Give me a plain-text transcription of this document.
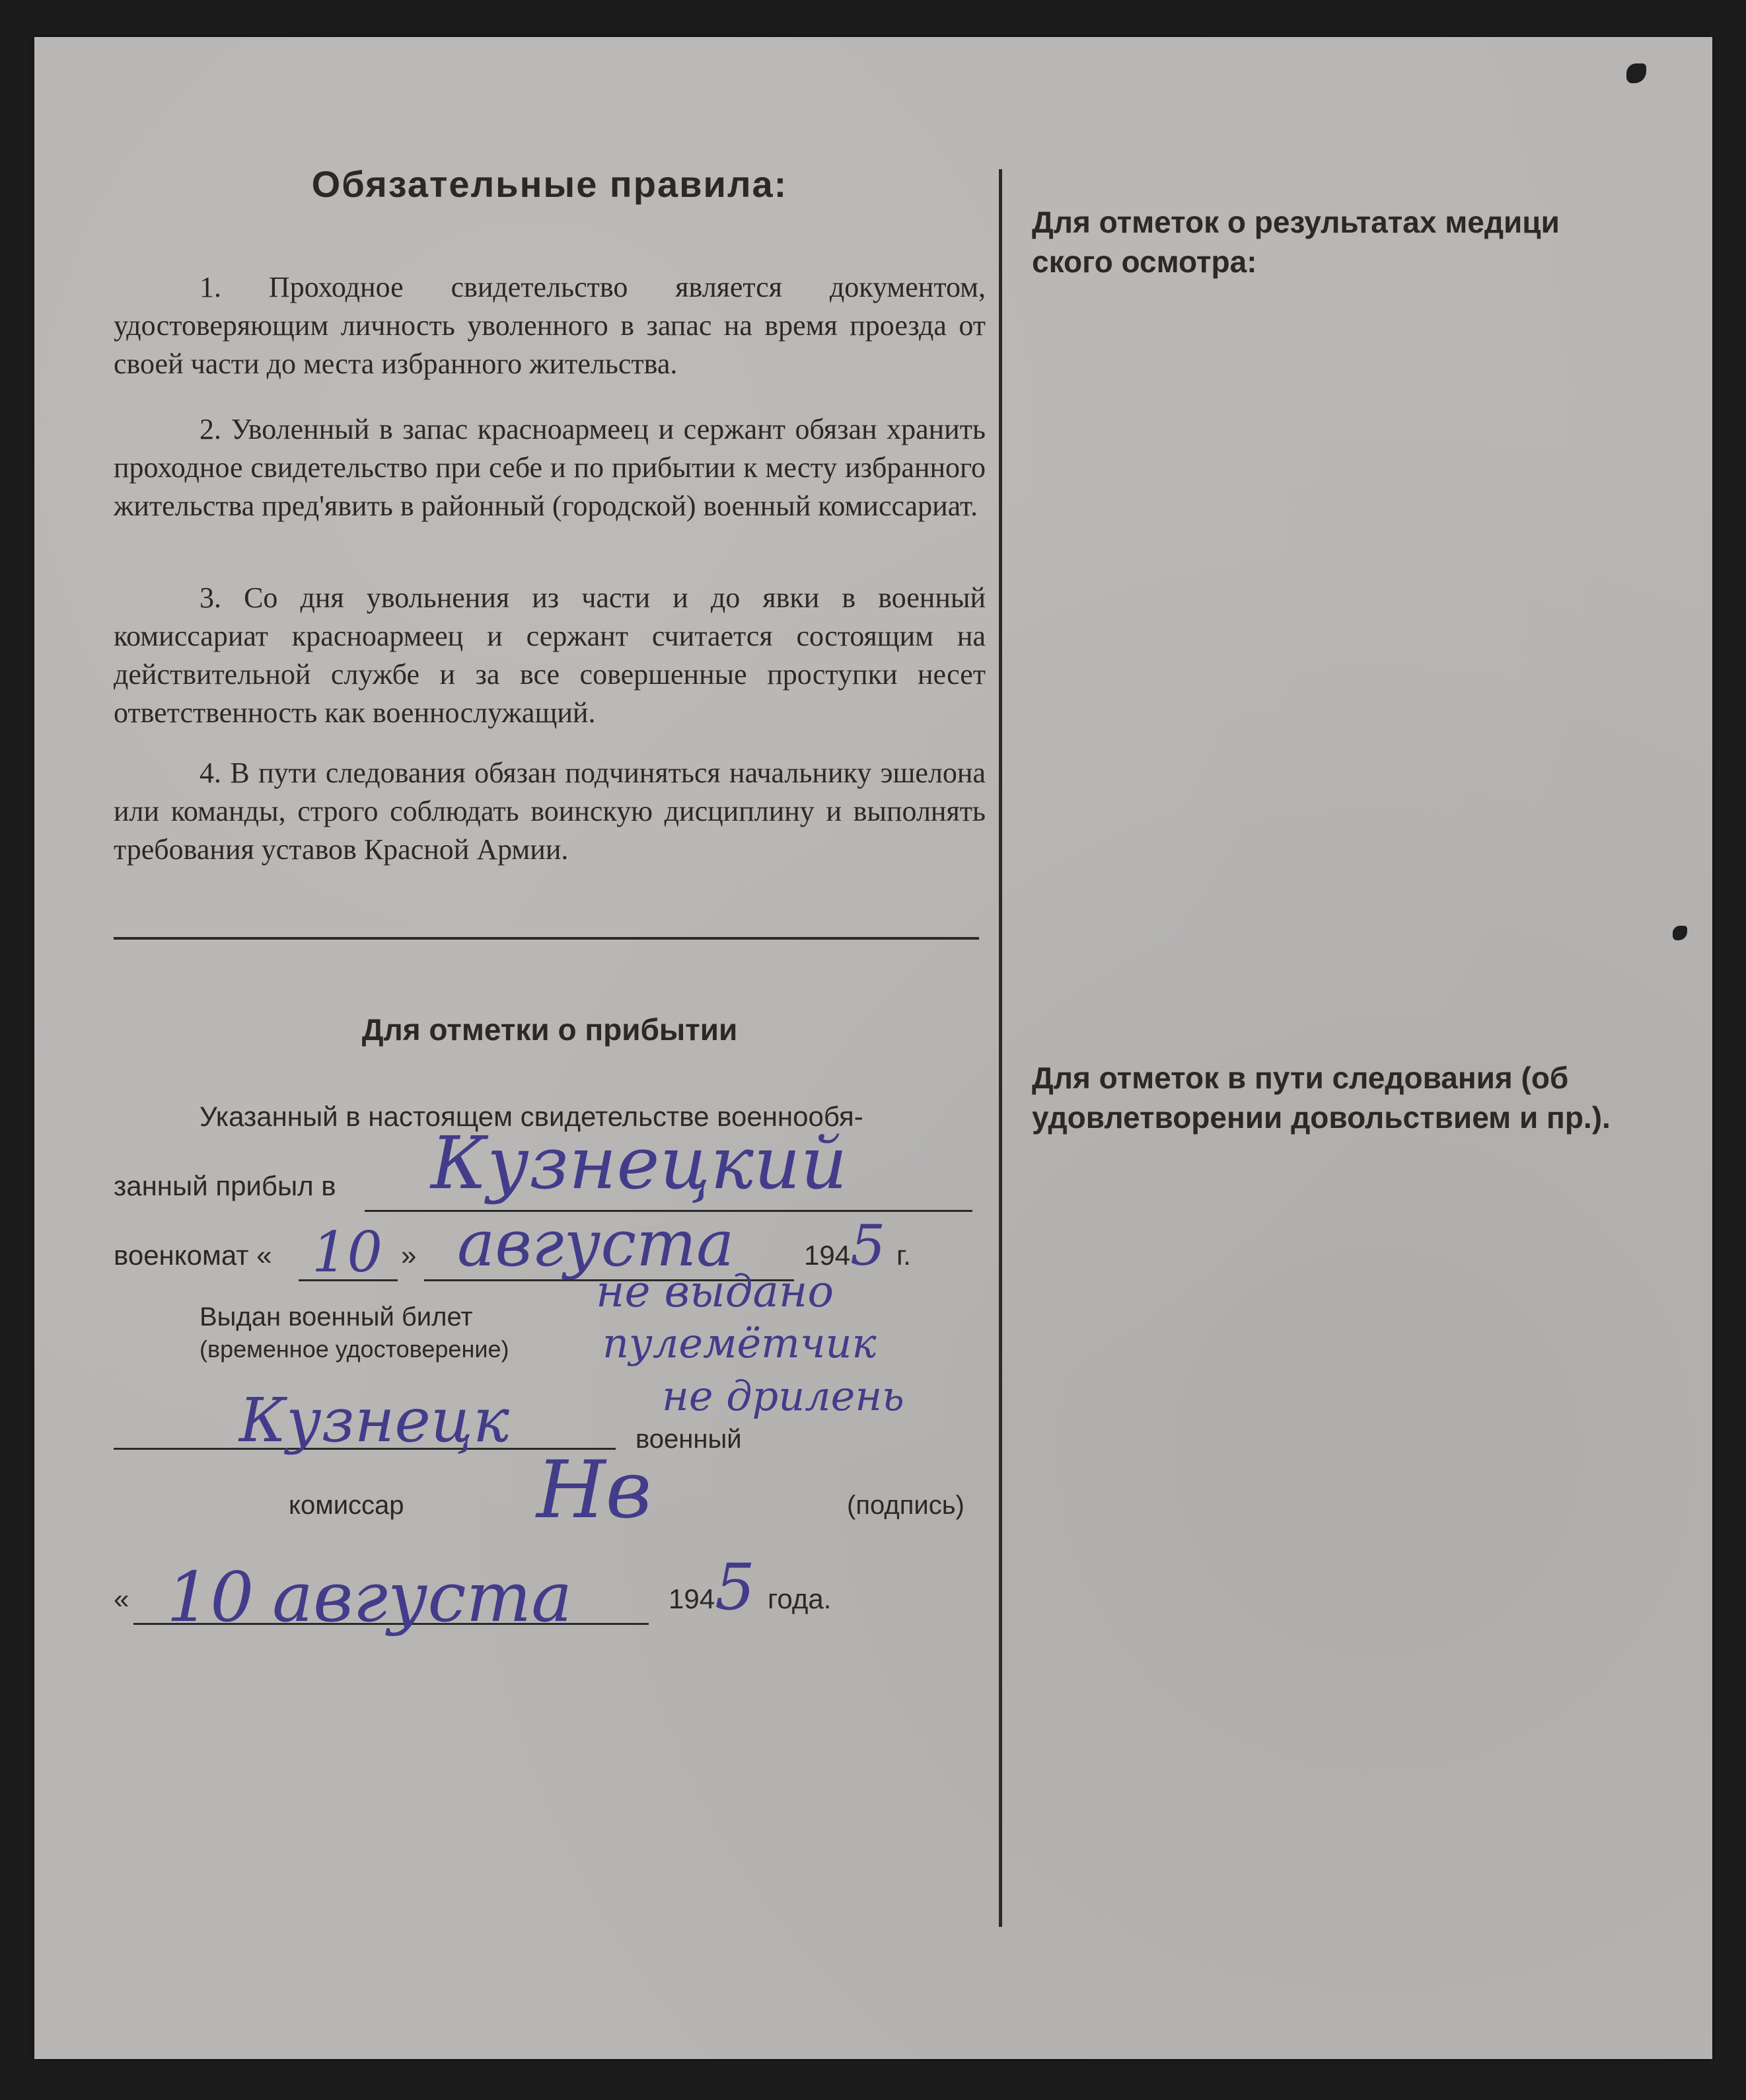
Обязательные правила:

1. Проходное свидетельство является документом, удостоверяющим личность уволенного в запас на время проезда от своей части до места избранного жительства.

2. Уволенный в запас красноармеец и сержант обязан хранить проходное свидетельство при себе и по прибытии к месту избранного жительства пред'явить в районный (городской) военный комиссариат.

3. Со дня увольнения из части и до явки в военный комиссариат красноармеец и сержант считается состоящим на действительной службе и за все совершенные проступки несет ответственность как военнослужащий.

4. В пути следования обязан подчиняться начальнику эшелона или команды, строго соблюдать воинскую дисциплину и выполнять требования уставов Красной Армии.

Для отметки о прибытии
Указанный в настоящем свидетельстве военнообя-
занный прибыл в Кузнецкий
военкомат « 10 » августа	194 5 г.
Выдан военный билет
(временное удостоверение)
не выдано
пулемётчик
не дрилень
Кузнецк	военный
комиссар Нв	(подпись)
« 10 августа	194 5 года.
Для отметок о результатах медици
ского осмотра:
Для отметок в пути следования (об
удовлетворении довольствием и пр.).
